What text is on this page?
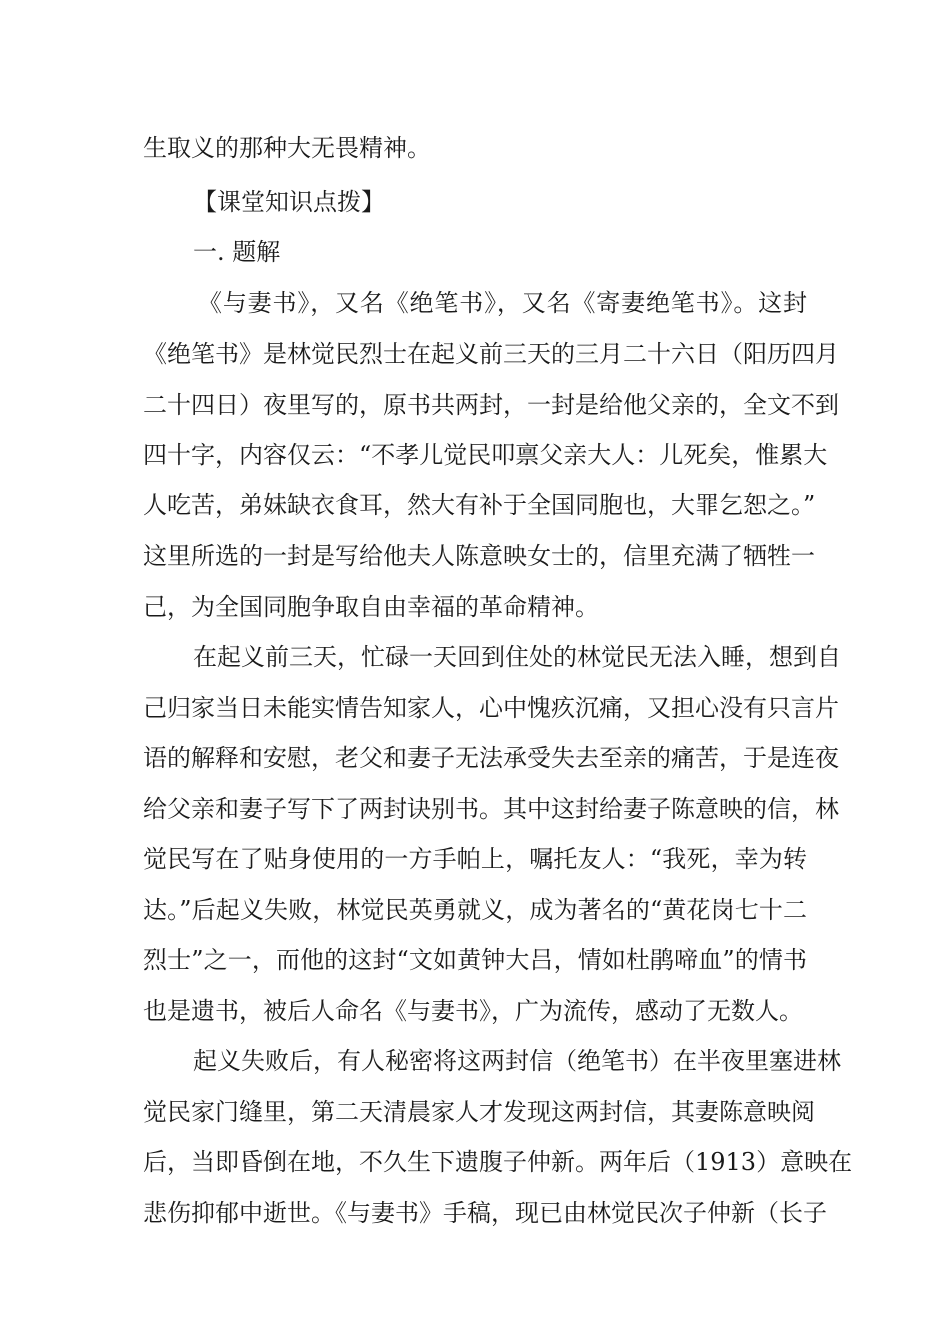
生取义的那种大无畏精神。
【课堂知识点拨】
一. 题解
《与妻书》，又名《绝笔书》，又名《寄妻绝笔书》。这封
《绝笔书》是林觉民烈士在起义前三天的三月二十六日（阳历四月
二十四日）夜里写的，原书共两封，一封是给他父亲的，全文不到
四十字，内容仅云：“不孝儿觉民叩禀父亲大人：儿死矣，惟累大
人吃苦，弟妹缺衣食耳，然大有补于全国同胞也，大罪乞恕之。”
这里所选的一封是写给他夫人陈意映女士的，信里充满了牺牲一
己，为全国同胞争取自由幸福的革命精神。
在起义前三天，忙碌一天回到住处的林觉民无法入睡，想到自
己归家当日未能实情告知家人，心中愧疚沉痛，又担心没有只言片
语的解释和安慰，老父和妻子无法承受失去至亲的痛苦，于是连夜
给父亲和妻子写下了两封诀别书。其中这封给妻子陈意映的信，林
觉民写在了贴身使用的一方手帕上，嘱托友人：“我死，幸为转
达。”后起义失败，林觉民英勇就义，成为著名的“黄花岗七十二
烈士”之一，而他的这封“文如黄钟大吕，情如杜鹃啼血”的情书
也是遗书，被后人命名《与妻书》，广为流传，感动了无数人。
起义失败后，有人秘密将这两封信（绝笔书）在半夜里塞进林
觉民家门缝里，第二天清晨家人才发现这两封信，其妻陈意映阅
后，当即昏倒在地，不久生下遗腹子仲新。两年后（1913）意映在
悲伤抑郁中逝世。《与妻书》手稿，现已由林觉民次子仲新（长子
